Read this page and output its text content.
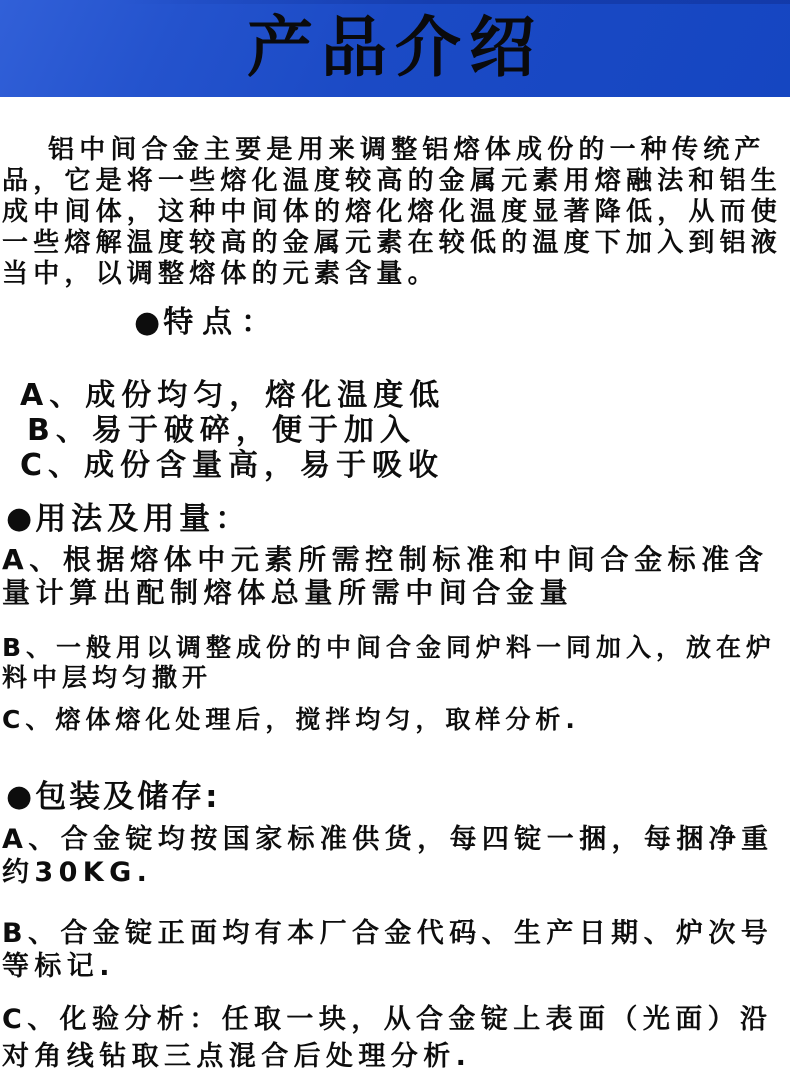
产品介绍

铝中间合金主要是用来调整铝熔体成份的一种传统产品，它是将一些熔化温度较高的金属元素用熔融法和铝生成中间体，这种中间体的熔化熔化温度显著降低，从而使一些熔解温度较高的金属元素在较低的温度下加入到铝液当中，以调整熔体的元素含量。

● 特点：
A、成份均匀，熔化温度低
B、易于破碎，便于加入
C、成份含量高，易于吸收
● 用法及用量：
A、根据熔体中元素所需控制标准和中间合金标准含量计算出配制熔体总量所需中间合金量
B、一般用以调整成份的中间合金同炉料一同加入，放在炉料中层均匀撒开
C、熔体熔化处理后，搅拌均匀，取样分析.
● 包装及储存:
A、合金锭均按国家标准供货，每四锭一捆，每捆净重约30KG.
B、合金锭正面均有本厂合金代码、生产日期、炉次号等标记.
C、化验分析：任取一块，从合金锭上表面（光面）沿对角线钻取三点混合后处理分析.
